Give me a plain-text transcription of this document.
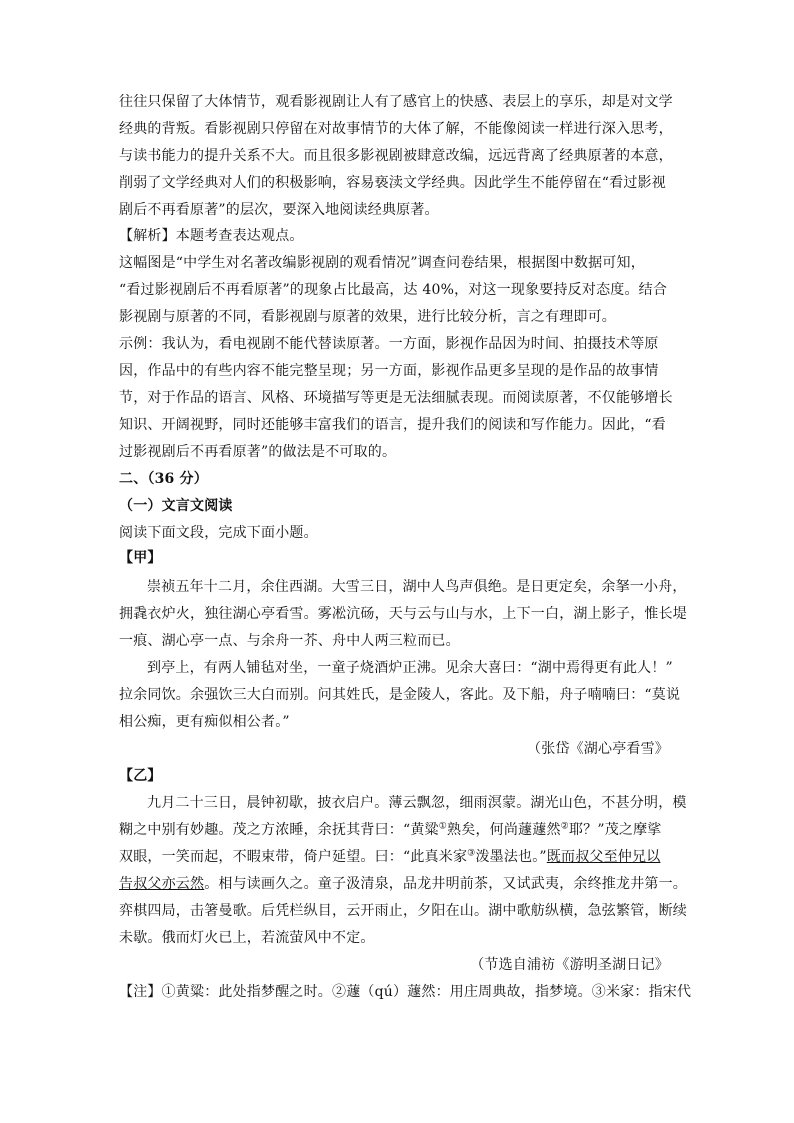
往往只保留了大体情节，观看影视剧让人有了感官上的快感、表层上的享乐，却是对文学
经典的背叛。看影视剧只停留在对故事情节的大体了解，不能像阅读一样进行深入思考，
与读书能力的提升关系不大。而且很多影视剧被肆意改编，远远背离了经典原著的本意，
削弱了文学经典对人们的积极影响，容易亵渎文学经典。因此学生不能停留在“看过影视
剧后不再看原著”的层次，要深入地阅读经典原著。
【解析】本题考查表达观点。
这幅图是“中学生对名著改编影视剧的观看情况”调查问卷结果，根据图中数据可知，
“看过影视剧后不再看原著”的现象占比最高，达 40%，对这一现象要持反对态度。结合
影视剧与原著的不同，看影视剧与原著的效果，进行比较分析，言之有理即可。
示例：我认为，看电视剧不能代替读原著。一方面，影视作品因为时间、拍摄技术等原
因，作品中的有些内容不能完整呈现；另一方面，影视作品更多呈现的是作品的故事情
节，对于作品的语言、风格、环境描写等更是无法细腻表现。而阅读原著，不仅能够增长
知识、开阔视野，同时还能够丰富我们的语言，提升我们的阅读和写作能力。因此，“看
过影视剧后不再看原著”的做法是不可取的。
二、（36 分）
（一）文言文阅读
阅读下面文段，完成下面小题。
【甲】
崇祯五年十二月，余住西湖。大雪三日，湖中人鸟声俱绝。是日更定矣，余拏一小舟，
拥毳衣炉火，独往湖心亭看雪。雾凇沆砀，天与云与山与水，上下一白，湖上影子，惟长堤
一痕、湖心亭一点、与余舟一芥、舟中人两三粒而已。
到亭上，有两人铺毡对坐，一童子烧酒炉正沸。见余大喜曰：“湖中焉得更有此人！”
拉余同饮。余强饮三大白而别。问其姓氏，是金陵人，客此。及下船，舟子喃喃曰：“莫说
相公痴，更有痴似相公者。”
（张岱《湖心亭看雪》
【乙】
九月二十三日，晨钟初歇，披衣启户。薄云飘忽，细雨溟蒙。湖光山色，不甚分明，模
糊之中别有妙趣。茂之方浓睡，余抚其背曰：“黄粱①熟矣，何尚蘧蘧然②耶？”茂之摩挲
双眼，一笑而起，不暇束带，倚户延望。曰：“此真米家③泼墨法也。”既而叔父至仲兄以
告叔父亦云然。相与读画久之。童子汲清泉，品龙井明前茶，又试武夷，余终推龙井第一。
弈棋四局，击箸曼歌。后凭栏纵目，云开雨止，夕阳在山。湖中歌舫纵横，急弦繁管，断续
未歇。俄而灯火已上，若流萤风中不定。
（节选自浦祊《游明圣湖日记》
【注】①黄粱：此处指梦醒之时。②蘧（qú）蘧然：用庄周典故，指梦境。③米家：指宋代
